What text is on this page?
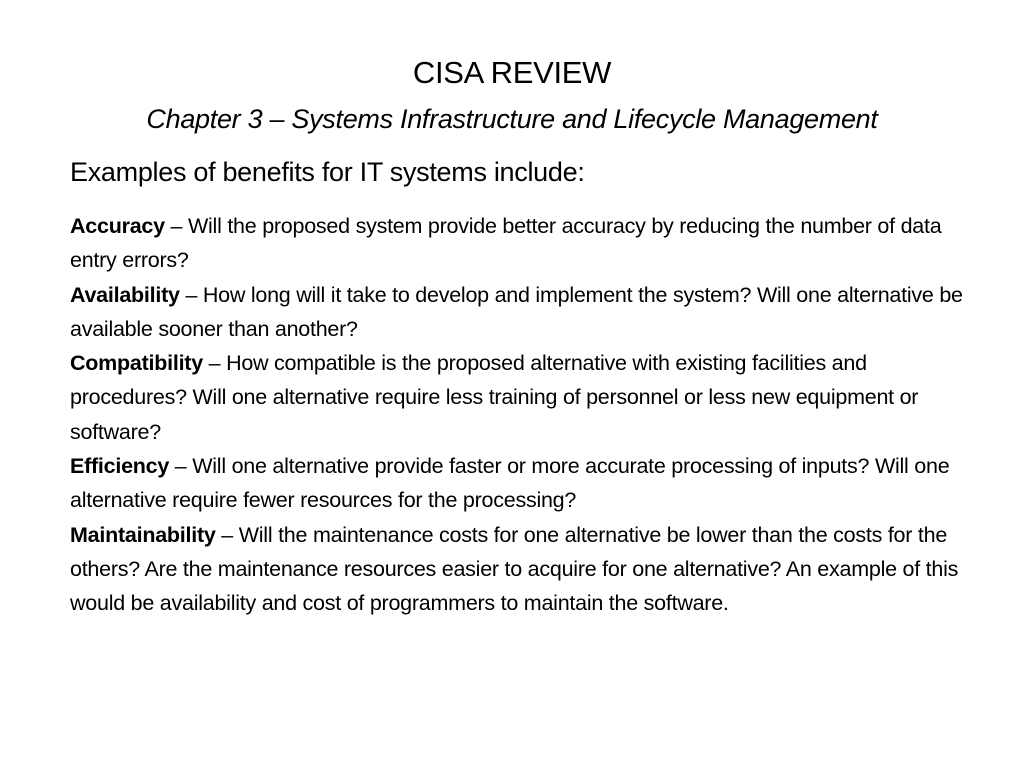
CISA REVIEW
Chapter 3 – Systems Infrastructure and Lifecycle Management
Examples of benefits for IT systems include:

Accuracy – Will the proposed system provide better accuracy by reducing the number of data entry errors?

Availability – How long will it take to develop and implement the system? Will one alternative be available sooner than another?

Compatibility – How compatible is the proposed alternative with existing facilities and procedures? Will one alternative require less training of personnel or less new equipment or software?

Efficiency – Will one alternative provide faster or more accurate processing of inputs? Will one alternative require fewer resources for the processing?

Maintainability – Will the maintenance costs for one alternative be lower than the costs for the others? Are the maintenance resources easier to acquire for one alternative? An example of this would be availability and cost of programmers to maintain the software.
